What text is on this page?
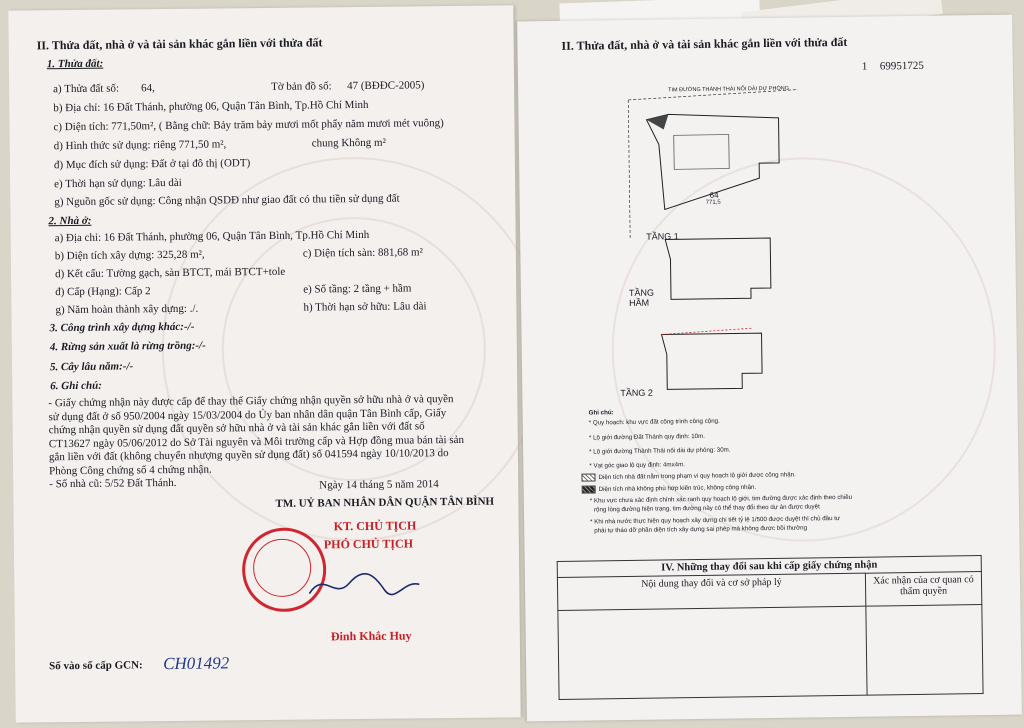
II. Thửa đất, nhà ở và tài sản khác gắn liền với thửa đất
1. Thửa đất:
a) Thửa đất số: 64,	Tờ bản đồ số: 47 (BĐĐC-2005)
b) Địa chỉ: 16 Đất Thánh, phường 06, Quận Tân Bình, Tp.Hồ Chí Minh
c) Diện tích: 771,50m², ( Bằng chữ: Bảy trăm bảy mươi mốt phẩy năm mươi mét vuông)
d) Hình thức sử dụng: riêng 771,50 m²,	chung Không m²
đ) Mục đích sử dụng: Đất ở tại đô thị (ODT)
e) Thời hạn sử dụng: Lâu dài
g) Nguồn gốc sử dụng: Công nhận QSDĐ như giao đất có thu tiền sử dụng đất
2. Nhà ở:
a) Địa chỉ: 16 Đất Thánh, phường 06, Quận Tân Bình, Tp.Hồ Chí Minh
b) Diện tích xây dựng: 325,28 m²,	c) Diện tích sàn: 881,68 m²
d) Kết cấu: Tường gạch, sàn BTCT, mái BTCT+tole
đ) Cấp (Hạng): Cấp 2	e) Số tầng: 2 tầng + hầm
g) Năm hoàn thành xây dựng: ./.	h) Thời hạn sở hữu: Lâu dài
3. Công trình xây dựng khác:-/-
4. Rừng sản xuất là rừng trồng:-/-
5. Cây lâu năm:-/-
6. Ghi chú:
- Giấy chứng nhận này được cấp để thay thế Giấy chứng nhận quyền sở hữu nhà ở và quyền
sử dụng đất ở số 950/2004 ngày 15/03/2004 do Ủy ban nhân dân quận Tân Bình cấp, Giấy
chứng nhận quyền sử dụng đất quyền sở hữu nhà ở và tài sản khác gắn liền với đất số
CT13627 ngày 05/06/2012 do Sở Tài nguyên và Môi trường cấp và Hợp đồng mua bán tài sản
gắn liền với đất (không chuyển nhượng quyền sử dụng đất) số 041594 ngày 10/10/2013 do
Phòng Công chứng số 4 chứng nhận.
- Số nhà cũ: 5/52 Đất Thánh.	Ngày 14 tháng 5 năm 2014
TM. UỶ BAN NHÂN DÂN QUẬN TÂN BÌNH
KT. CHỦ TỊCH
PHÓ CHỦ TỊCH
Đinh Khắc Huy
Số vào số cấp GCN: CH01492
II. Thửa đất, nhà ở và tài sản khác gắn liền với thửa đất
1 69951725
TIM ĐƯỜNG THÀNH THÁI NỐI DÀI DỰ PHÓNG
64
771,5
TẦNG 1
TẦNG
HẦM
TẦNG 2
Ghi chú:
* Quy hoạch: khu vực đất công trình công cộng.
* Lộ giới đường Đất Thánh quy định: 10m.
* Lộ giới đường Thành Thái nối dài dự phóng: 30m.
* Vạt góc giao lộ quy định: 4mx4m.
Diện tích nhà đất nằm trong phạm vi quy hoạch lộ giới được công nhận.
Diện tích nhà không phù hợp kiến trúc, không công nhận.
* Khu vực chưa xác định chính xác ranh quy hoạch lộ giới, tim đường được xác định theo chiều
rộng lòng đường hiện trạng, tim đường này có thể thay đổi theo dự án được duyệt
* Khi nhà nước thực hiện quy hoạch xây dựng chi tiết tỷ lệ 1/500 được duyệt thì chủ đầu tư
phải tự tháo dỡ phần diện tích xây dựng sai phép mà không được bồi thường
IV. Những thay đổi sau khi cấp giấy chứng nhận	
Nội dung thay đổi và cơ sở pháp lý	Xác nhận của cơ quan có thẩm quyền
